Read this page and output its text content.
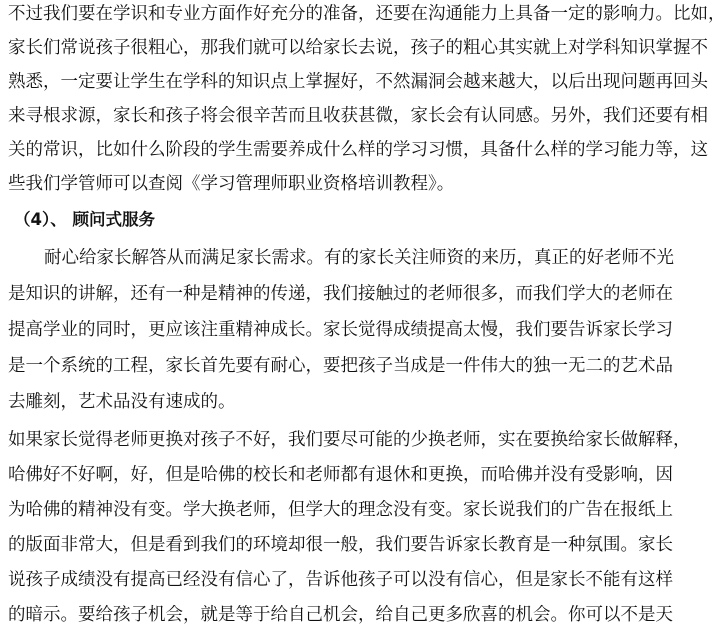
不过我们要在学识和专业方面作好充分的准备，还要在沟通能力上具备一定的影响力。比如，
家长们常说孩子很粗心，那我们就可以给家长去说，孩子的粗心其实就上对学科知识掌握不
熟悉，一定要让学生在学科的知识点上掌握好，不然漏洞会越来越大，以后出现问题再回头
来寻根求源，家长和孩子将会很辛苦而且收获甚微，家长会有认同感。另外，我们还要有相
关的常识，比如什么阶段的学生需要养成什么样的学习习惯，具备什么样的学习能力等，这
些我们学管师可以查阅《学习管理师职业资格培训教程》。
（4）、 顾问式服务
耐心给家长解答从而满足家长需求。有的家长关注师资的来历，真正的好老师不光
是知识的讲解，还有一种是精神的传递，我们接触过的老师很多，而我们学大的老师在
提高学业的同时，更应该注重精神成长。家长觉得成绩提高太慢，我们要告诉家长学习
是一个系统的工程，家长首先要有耐心，要把孩子当成是一件伟大的独一无二的艺术品
去雕刻，艺术品没有速成的。
如果家长觉得老师更换对孩子不好，我们要尽可能的少换老师，实在要换给家长做解释，
哈佛好不好啊，好，但是哈佛的校长和老师都有退休和更换，而哈佛并没有受影响，因
为哈佛的精神没有变。学大换老师，但学大的理念没有变。家长说我们的广告在报纸上
的版面非常大，但是看到我们的环境却很一般，我们要告诉家长教育是一种氛围。家长
说孩子成绩没有提高已经没有信心了，告诉他孩子可以没有信心，但是家长不能有这样
的暗示。要给孩子机会，就是等于给自己机会，给自己更多欣喜的机会。你可以不是天
